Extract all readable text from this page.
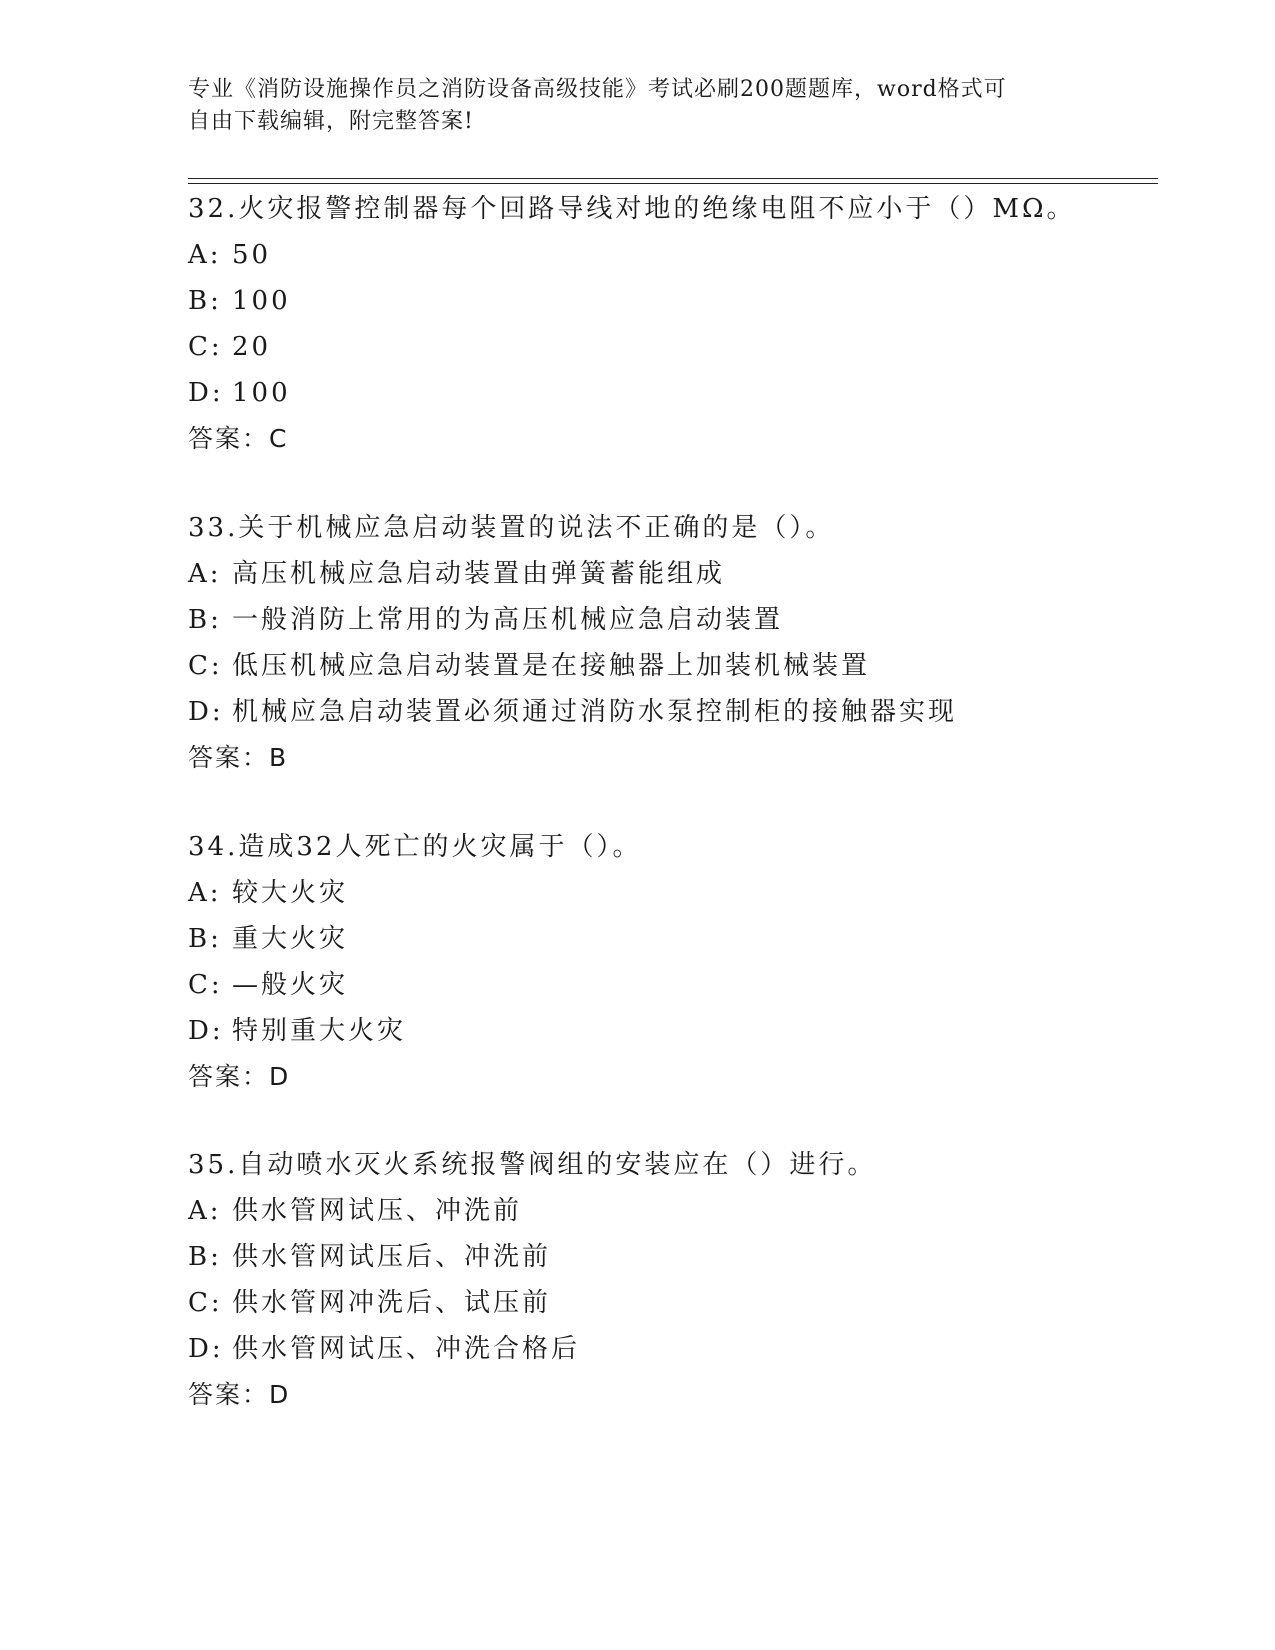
专业《消防设施操作员之消防设备高级技能》考试必刷200题题库，word格式可
自由下载编辑，附完整答案!
32. 火灾报警控制器每个回路导线对地的绝缘电阻不应小于（）MΩ。
A: 50
B: 100
C: 20
D: 100
答案：C
33. 关于机械应急启动装置的说法不正确的是（）。
A: 高压机械应急启动装置由弹簧蓄能组成
B: 一般消防上常用的为高压机械应急启动装置
C: 低压机械应急启动装置是在接触器上加装机械装置
D: 机械应急启动装置必须通过消防水泵控制柜的接触器实现
答案：B
34. 造成32人死亡的火灾属于（）。
A: 较大火灾
B: 重大火灾
C: —般火灾
D: 特别重大火灾
答案：D
35. 自动喷水灭火系统报警阀组的安装应在（）进行。
A: 供水管网试压、冲洗前
B: 供水管网试压后、冲洗前
C: 供水管网冲洗后、试压前
D: 供水管网试压、冲洗合格后
答案：D
